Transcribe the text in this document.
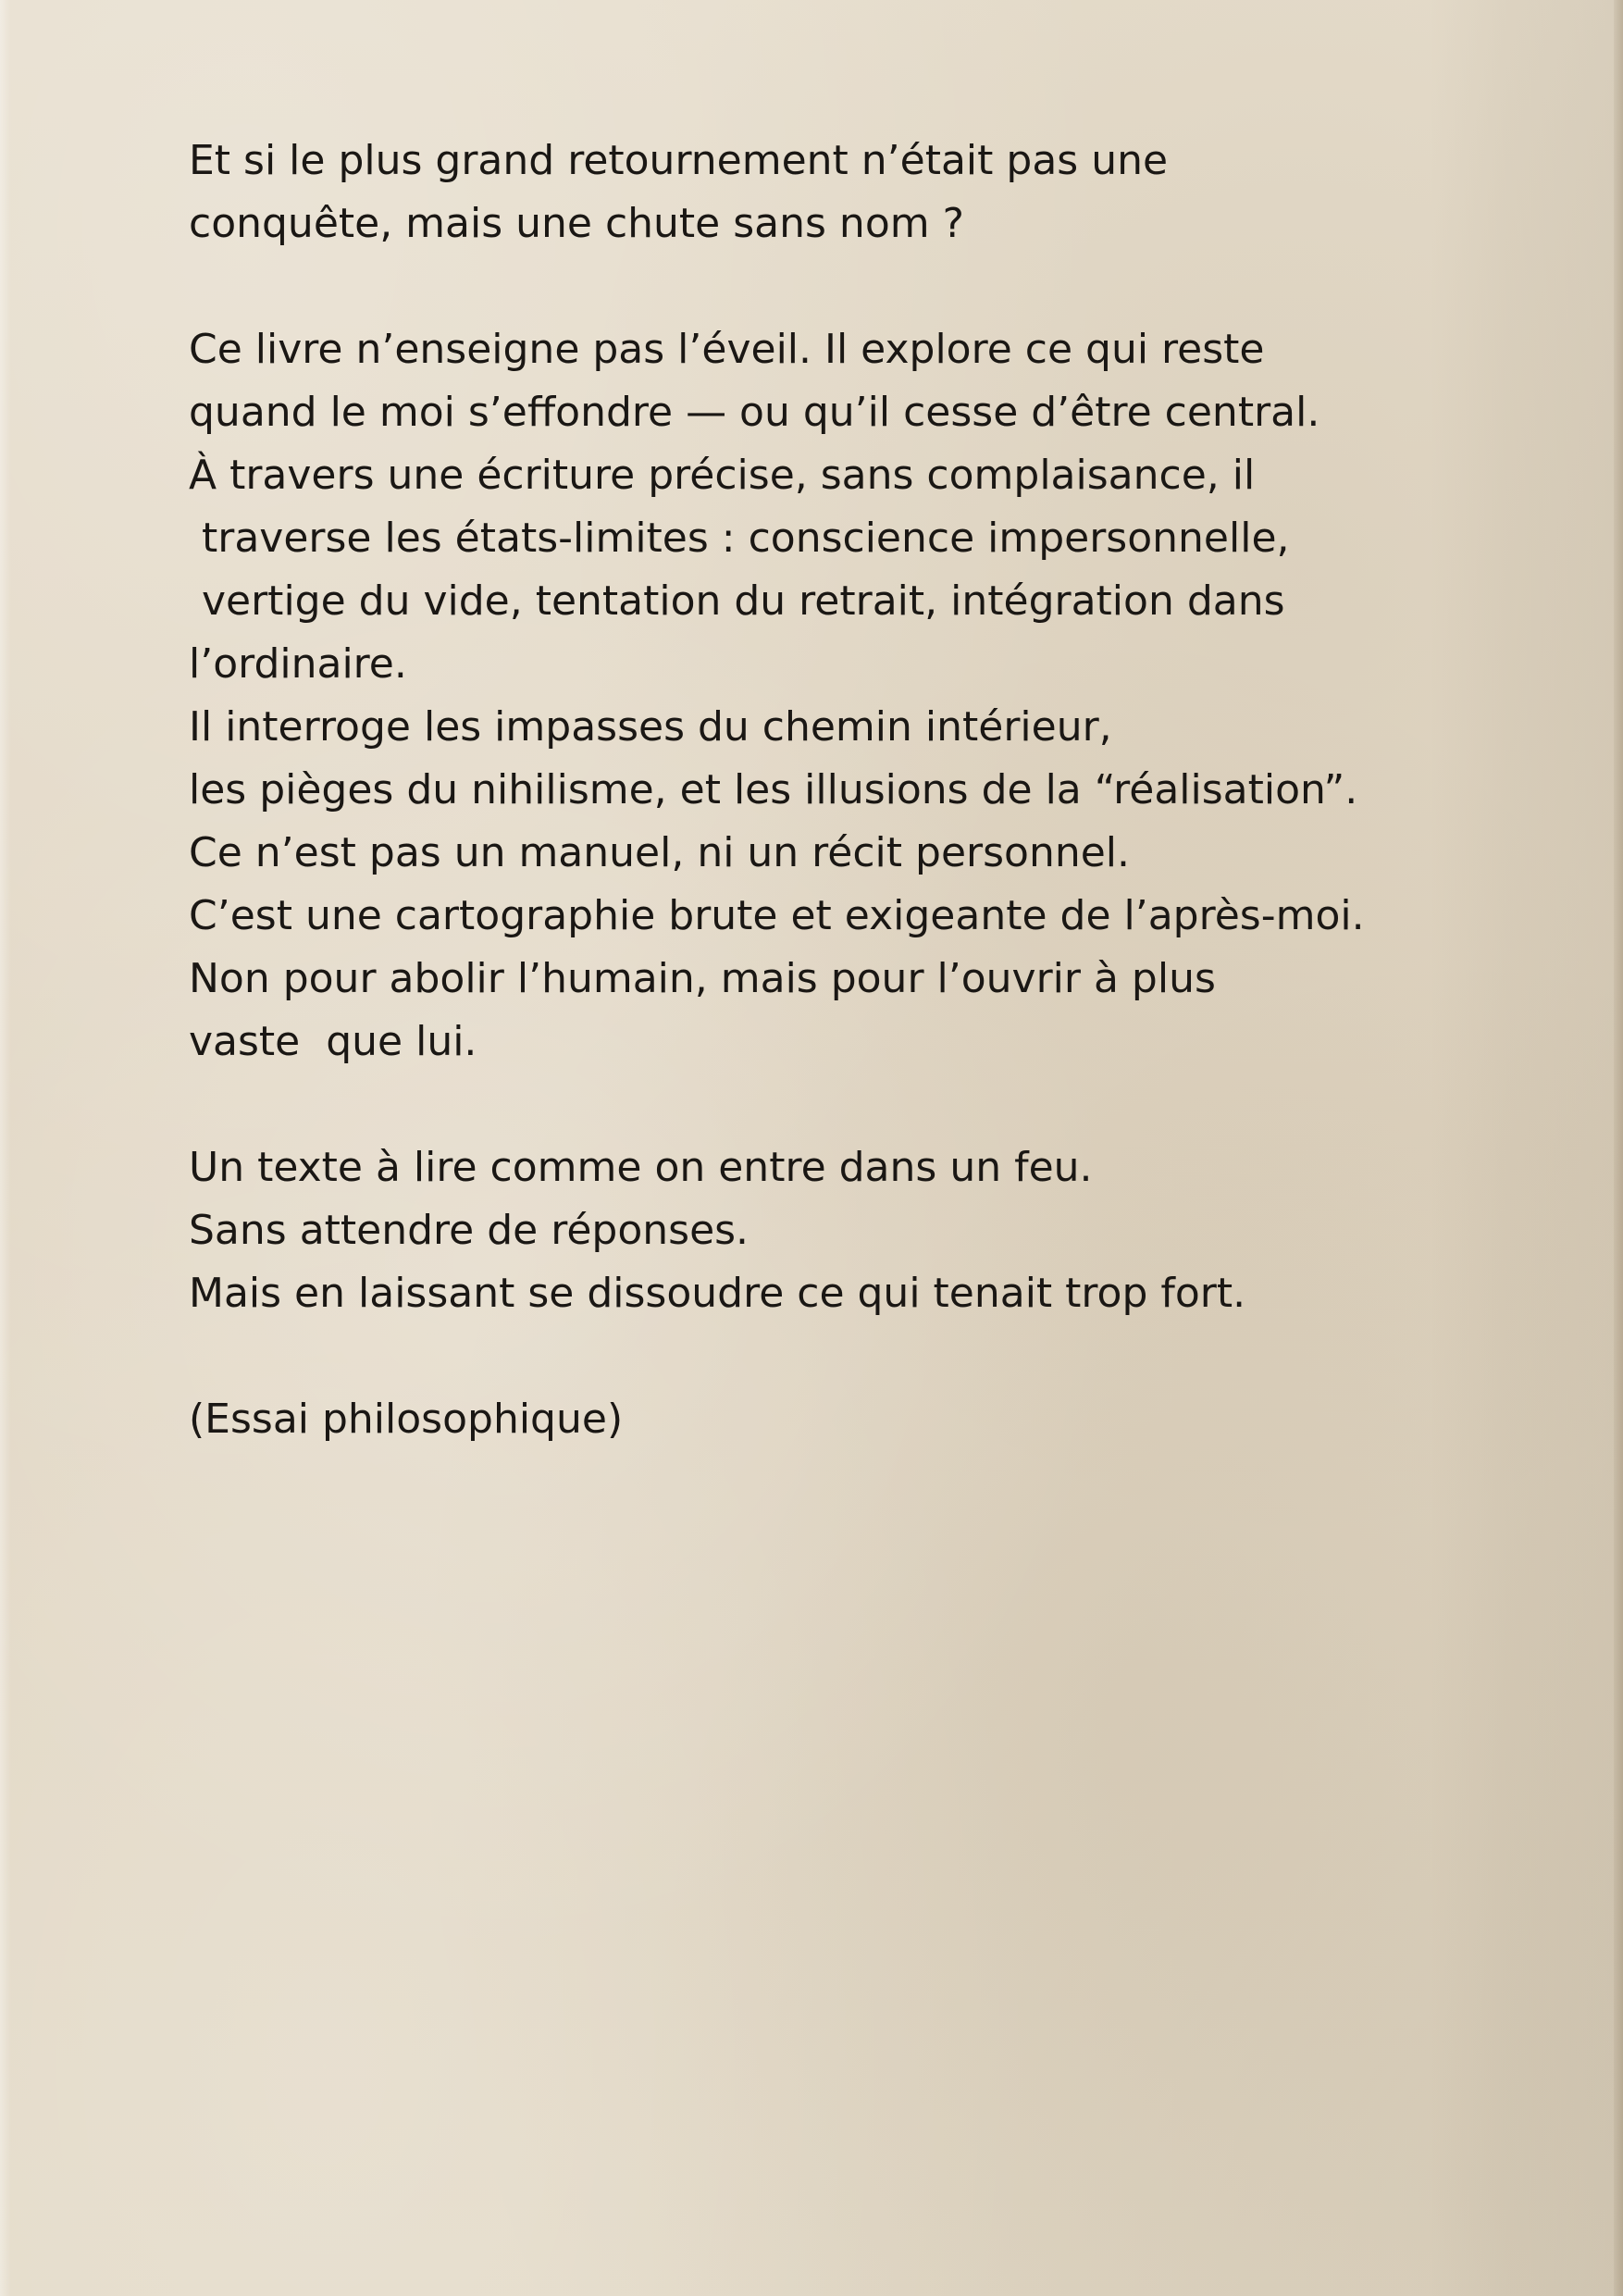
Et si le plus grand retournement n’était pas une
conquête, mais une chute sans nom ?
Ce livre n’enseigne pas l’éveil. Il explore ce qui reste
quand le moi s’effondre — ou qu’il cesse d’être central.
À travers une écriture précise, sans complaisance, il
traverse les états-limites : conscience impersonnelle,
vertige du vide, tentation du retrait, intégration dans
l’ordinaire.
Il interroge les impasses du chemin intérieur,
les pièges du nihilisme, et les illusions de la “réalisation”.
Ce n’est pas un manuel, ni un récit personnel.
C’est une cartographie brute et exigeante de l’après-moi.
Non pour abolir l’humain, mais pour l’ouvrir à plus
vaste  que lui.
Un texte à lire comme on entre dans un feu.
Sans attendre de réponses.
Mais en laissant se dissoudre ce qui tenait trop fort.
(Essai philosophique)
